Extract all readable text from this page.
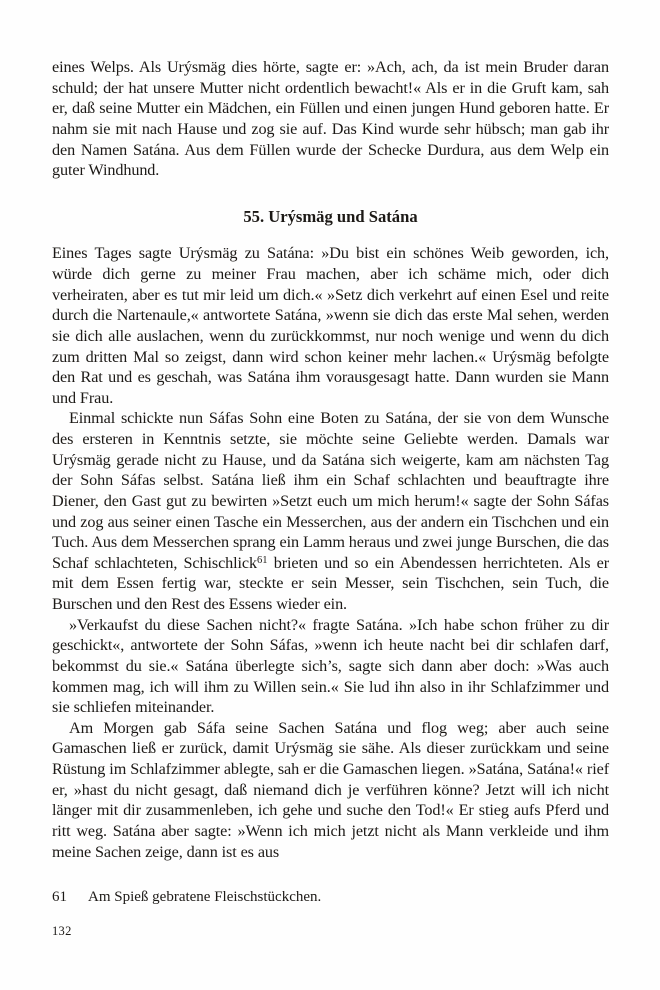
eines Welps. Als Urýsmäg dies hörte, sagte er: »Ach, ach, da ist mein Bruder daran schuld; der hat unsere Mutter nicht ordentlich bewacht!« Als er in die Gruft kam, sah er, daß seine Mutter ein Mädchen, ein Füllen und einen jungen Hund geboren hatte. Er nahm sie mit nach Hause und zog sie auf. Das Kind wurde sehr hübsch; man gab ihr den Namen Satána. Aus dem Füllen wurde der Schecke Durdura, aus dem Welp ein guter Windhund.

55. Urýsmäg und Satána

Eines Tages sagte Urýsmäg zu Satána: »Du bist ein schönes Weib geworden, ich, würde dich gerne zu meiner Frau machen, aber ich schäme mich, oder dich verheiraten, aber es tut mir leid um dich.« »Setz dich verkehrt auf einen Esel und reite durch die Nartenaule,« antwortete Satána, »wenn sie dich das erste Mal sehen, werden sie dich alle auslachen, wenn du zurückkommst, nur noch wenige und wenn du dich zum dritten Mal so zeigst, dann wird schon keiner mehr lachen.« Urýsmäg befolgte den Rat und es geschah, was Satána ihm vorausgesagt hatte. Dann wurden sie Mann und Frau.

Einmal schickte nun Sáfas Sohn eine Boten zu Satána, der sie von dem Wunsche des ersteren in Kenntnis setzte, sie möchte seine Geliebte werden. Damals war Urýsmäg gerade nicht zu Hause, und da Satána sich weigerte, kam am nächsten Tag der Sohn Sáfas selbst. Satána ließ ihm ein Schaf schlachten und beauftragte ihre Diener, den Gast gut zu bewirten »Setzt euch um mich herum!« sagte der Sohn Sáfas und zog aus seiner einen Tasche ein Messerchen, aus der andern ein Tischchen und ein Tuch. Aus dem Messerchen sprang ein Lamm heraus und zwei junge Burschen, die das Schaf schlachteten, Schischlick$^{61}$ brieten und so ein Abendessen herrichteten. Als er mit dem Essen fertig war, steckte er sein Messer, sein Tischchen, sein Tuch, die Burschen und den Rest des Essens wieder ein.

»Verkaufst du diese Sachen nicht?« fragte Satána. »Ich habe schon früher zu dir geschickt«, antwortete der Sohn Sáfas, »wenn ich heute nacht bei dir schlafen darf, bekommst du sie.« Satána überlegte sich’s, sagte sich dann aber doch: »Was auch kommen mag, ich will ihm zu Willen sein.« Sie lud ihn also in ihr Schlafzimmer und sie schliefen miteinander.

Am Morgen gab Sáfa seine Sachen Satána und flog weg; aber auch seine Gamaschen ließ er zurück, damit Urýsmäg sie sähe. Als dieser zurückkam und seine Rüstung im Schlafzimmer ablegte, sah er die Gamaschen liegen. »Satána, Satána!« rief er, »hast du nicht gesagt, daß niemand dich je verführen könne? Jetzt will ich nicht länger mit dir zusammenleben, ich gehe und suche den Tod!« Er stieg aufs Pferd und ritt weg. Satána aber sagte: »Wenn ich mich jetzt nicht als Mann verkleide und ihm meine Sachen zeige, dann ist es aus

61	Am Spieß gebratene Fleischstückchen.
132
